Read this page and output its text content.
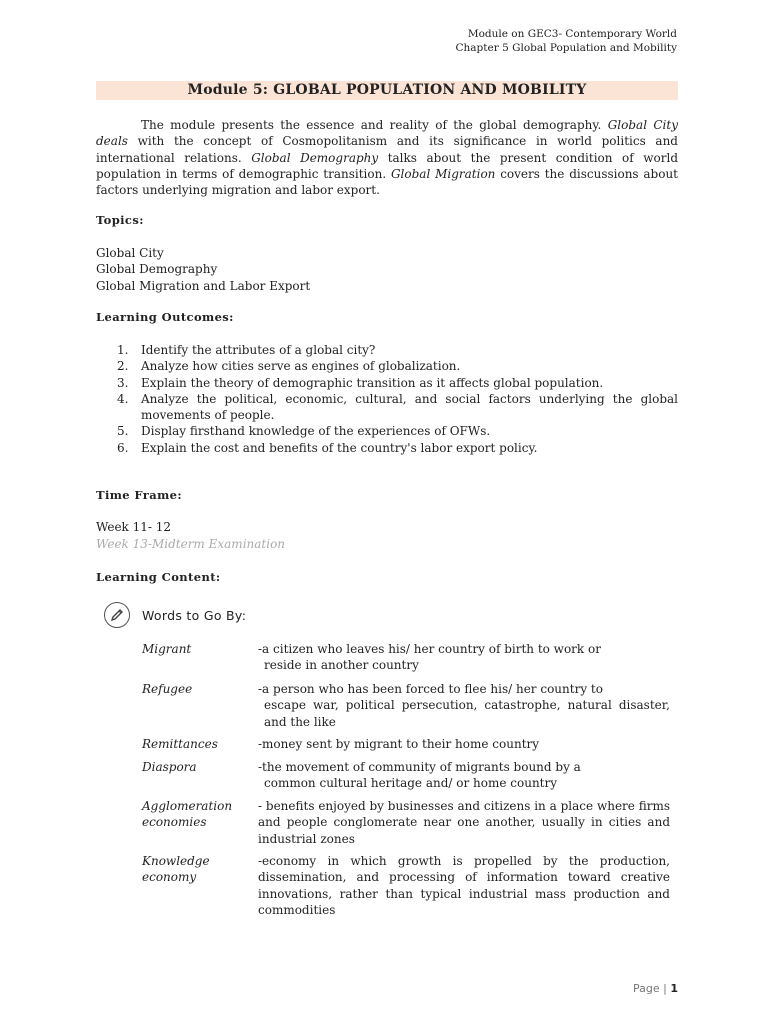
Module on GEC3- Contemporary World
Chapter 5 Global Population and Mobility
Module 5: GLOBAL POPULATION AND MOBILITY
The module presents the essence and reality of the global demography. Global City deals with the concept of Cosmopolitanism and its significance in world politics and international relations. Global Demography talks about the present condition of world population in terms of demographic transition. Global Migration covers the discussions about factors underlying migration and labor export.
Topics:
Global City
Global Demography
Global Migration and Labor Export
Learning Outcomes:
1.	Identify the attributes of a global city?
2.	Analyze how cities serve as engines of globalization.
3.	Explain the theory of demographic transition as it affects global population.
4.	Analyze the political, economic, cultural, and social factors underlying the global movements of people.
5.	Display firsthand knowledge of the experiences of OFWs.
6.	Explain the cost and benefits of the country's labor export policy.
Time Frame:
Week 11- 12
Week 13-Midterm Examination
Learning Content:
Words to Go By:
Migrant	-a citizen who leaves his/ her country of birth to work or
reside in another country
Refugee	-a person who has been forced to flee his/ her country to
escape war, political persecution, catastrophe, natural disaster, and the like
Remittances	-money sent by migrant to their home country
Diaspora	-the movement of community of migrants bound by a
common cultural heritage and/ or home country
Agglomeration economies
- benefits enjoyed by businesses and citizens in a place where firms and people conglomerate near one another, usually in cities and industrial zones
Knowledge economy
-economy in which growth is propelled by the production, dissemination, and processing of information toward creative innovations, rather than typical industrial mass production and commodities
Page | 1
